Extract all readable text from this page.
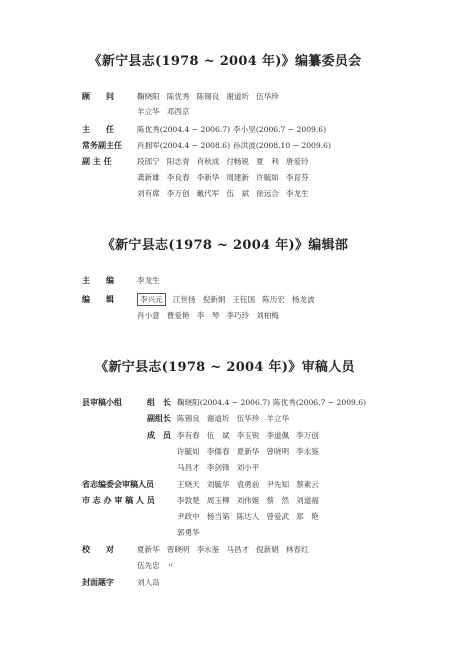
《新宁县志(1978 ~ 2004 年)》编纂委员会
顾　　问	鞠晓阳 陈优秀 陈锡良 谢道圻 伍华珍
羊立华 邓西京
主　　任	陈优秀(2004.4 ~ 2006.7) 李小坚(2006.7 ~ 2009.6)
常务副主任 肖拥军(2004.4 ~ 2008.6) 孙洪波(2008.10 ~ 2009.6)
副 主 任	段郎宁 阳志青 肖秋成 付畅锐 夏　利 唐爱玲
龚新雄 李良春 李新华 周建新 许毓如 李育芬
刘有席 李万创 戴代军 伍　斌 徐远合 李龙生
《新宁县志(1978 ~ 2004 年)》编辑部
主　　编	李龙生
编　　辑	李兴元 江世扬 倪新娟 王钰国 陈历宏 杨龙波
肖小意 曹爱艳 李　琴 李巧玲 刘柏梅
《新宁县志(1978 ~ 2004 年)》审稿人员
县审稿小组	组　长 鞠晓阳(2004.4 ~ 2006.7) 陈优秀(2006.7 ~ 2009.6)
副组长 陈锡良 谢道圻 伍华珍 羊立华
成　员 李有春 伍　斌 李玉锐 李道佩 李万创
许毓如 李儒春 夏新华 曾晓明 李永鉴
马昌才 李剑锋 刘小平
省志编委会审稿人员	王晓天 刘毓华 袁勇前 尹先知 蔡素云
市 志 办 审 稿 人 员	李敦楚 周玉柳 刘伟姬 蔡　然 刘道福
尹政中 杨当第 陈达人 曾爱武 郑　艳
郭勇华
校　　对	夏新华 曾晓明 李永鉴 马昌才 倪新娟 林春红
伍先忠 〃
封面题字	刘人岛
